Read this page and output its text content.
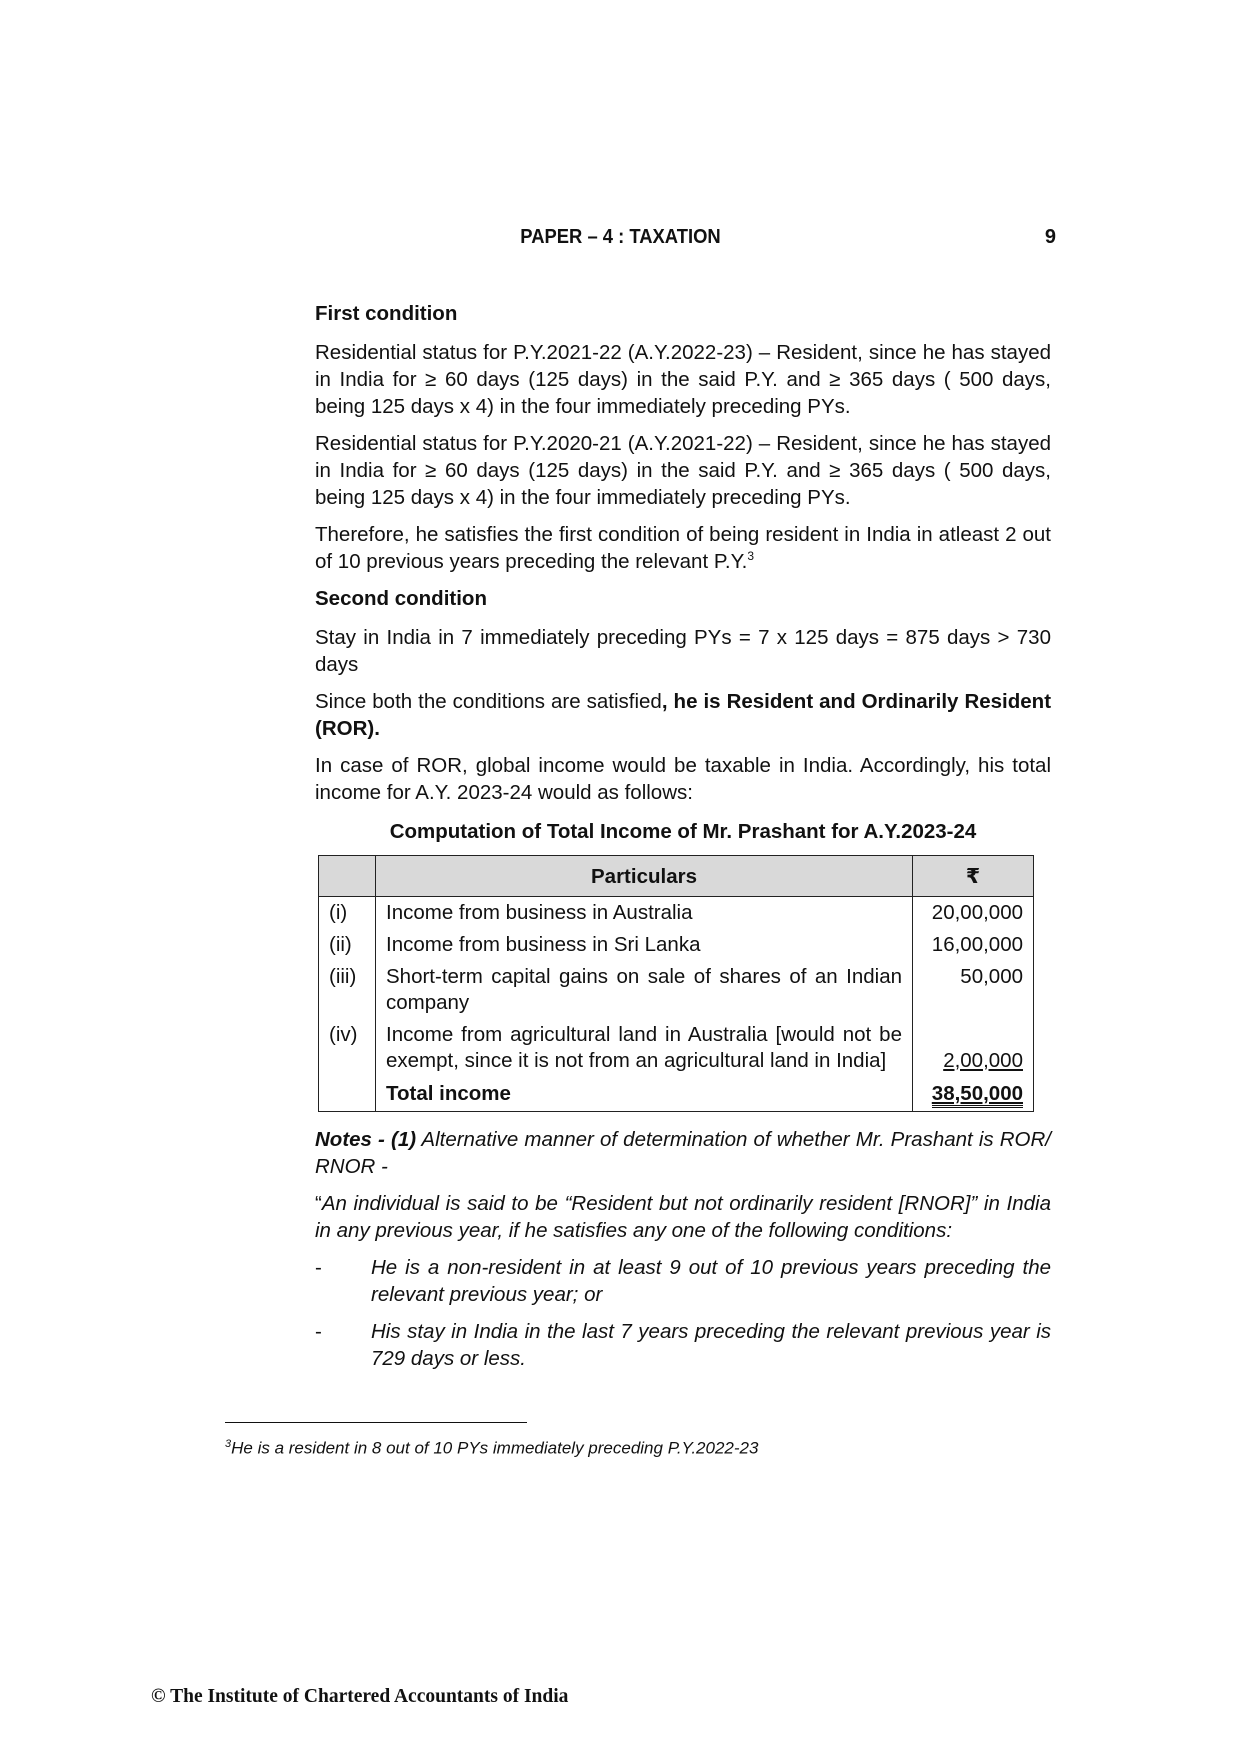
PAPER – 4 : TAXATION	9
First condition

Residential status for P.Y.2021-22 (A.Y.2022-23) – Resident, since he has stayed in India for ≥ 60 days (125 days) in the said P.Y. and ≥ 365 days ( 500 days, being 125 days x 4) in the four immediately preceding PYs.

Residential status for P.Y.2020-21 (A.Y.2021-22) – Resident, since he has stayed in India for ≥ 60 days (125 days) in the said P.Y. and ≥ 365 days ( 500 days, being 125 days x 4) in the four immediately preceding PYs.

Therefore, he satisfies the first condition of being resident in India in atleast 2 out of 10 previous years preceding the relevant P.Y.$^3$

Second condition

Stay in India in 7 immediately preceding PYs = 7 x 125 days = 875 days > 730 days

Since both the conditions are satisfied, he is Resident and Ordinarily Resident (ROR).

In case of ROR, global income would be taxable in India. Accordingly, his total income for A.Y. 2023-24 would as follows:

Computation of Total Income of Mr. Prashant for A.Y.2023-24
	Particulars	₹
(i)	Income from business in Australia	20,00,000
(ii)	Income from business in Sri Lanka	16,00,000
(iii)	Short-term capital gains on sale of shares of an Indian company	50,000
(iv)	Income from agricultural land in Australia [would not be exempt, since it is not from an agricultural land in India]	2,00,000
	Total income	38,50,000

Notes - (1) Alternative manner of determination of whether Mr. Prashant is ROR/ RNOR -

“An individual is said to be “Resident but not ordinarily resident [RNOR]” in India in any previous year, if he satisfies any one of the following conditions:

- He is a non-resident in at least 9 out of 10 previous years preceding the relevant previous year; or
- His stay in India in the last 7 years preceding the relevant previous year is 729 days or less.
$^3$He is a resident in 8 out of 10 PYs immediately preceding P.Y.2022-23
© The Institute of Chartered Accountants of India
